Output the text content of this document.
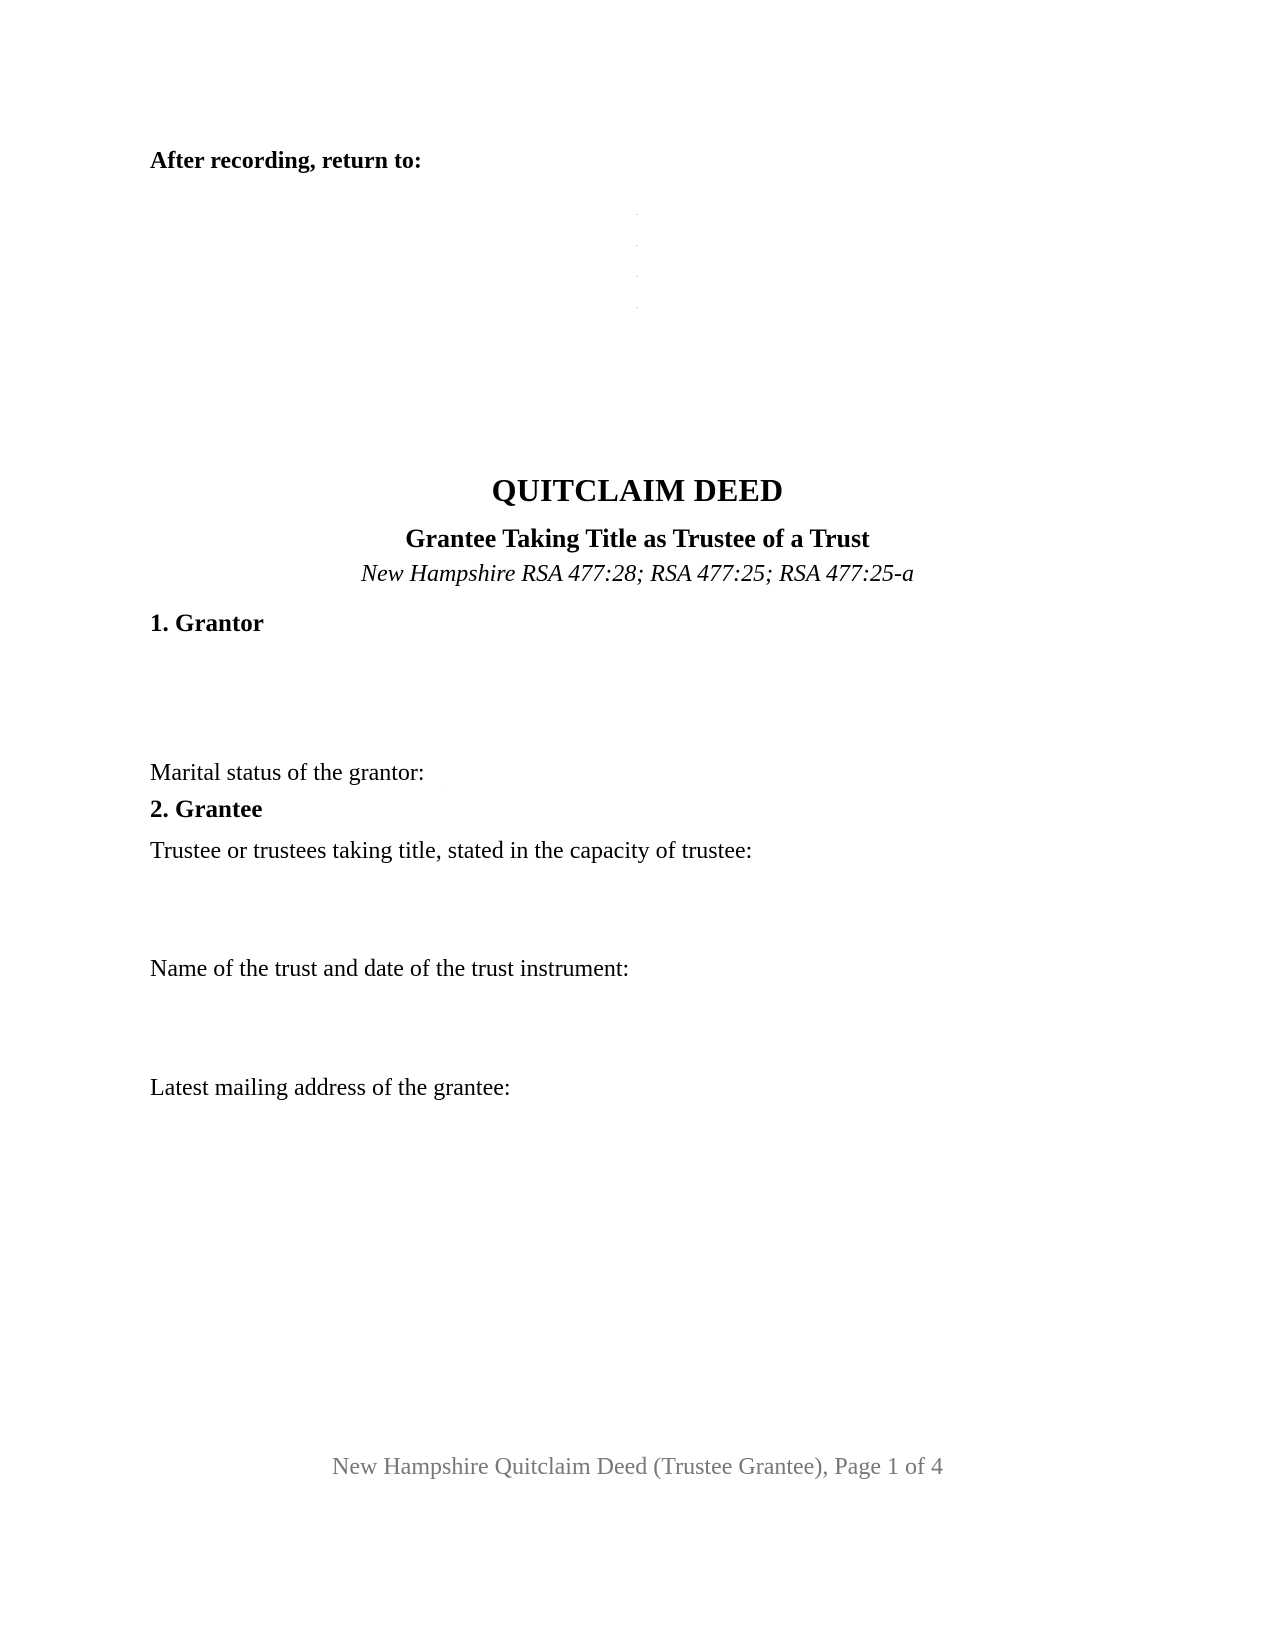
After recording, return to:
QUITCLAIM DEED
Grantee Taking Title as Trustee of a Trust
New Hampshire RSA 477:28; RSA 477:25; RSA 477:25-a
1. Grantor
Marital status of the grantor:
2. Grantee
Trustee or trustees taking title, stated in the capacity of trustee:
Name of the trust and date of the trust instrument:
Latest mailing address of the grantee:
New Hampshire Quitclaim Deed (Trustee Grantee), Page 1 of 4
